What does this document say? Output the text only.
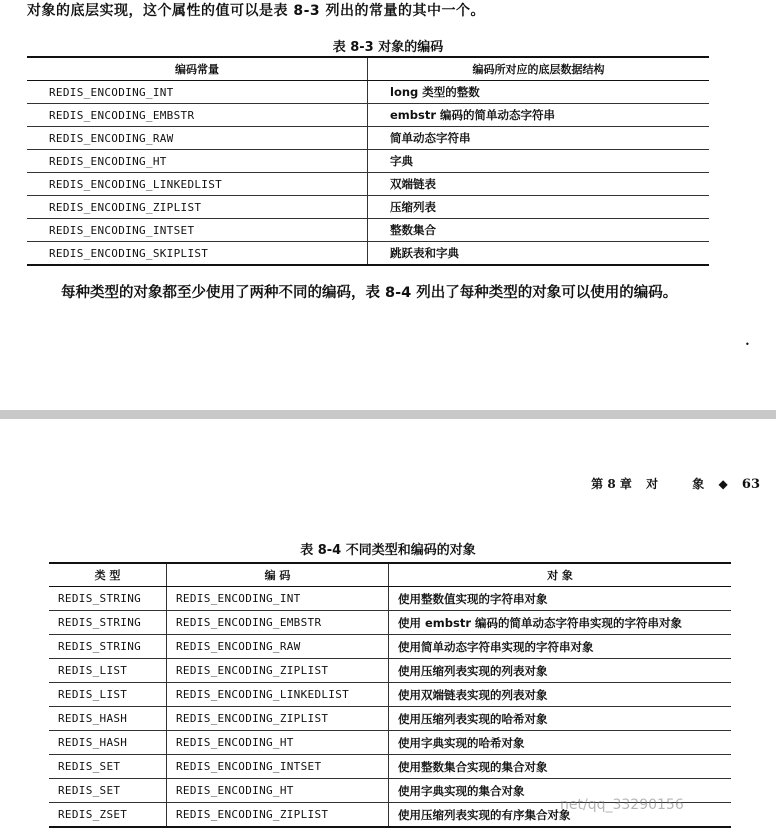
对象的底层实现，这个属性的值可以是表 8-3 列出的常量的其中一个。
表 8-3 对象的编码
编码常量	编码所对应的底层数据结构
REDIS_ENCODING_INT	long 类型的整数
REDIS_ENCODING_EMBSTR	embstr 编码的简单动态字符串
REDIS_ENCODING_RAW	简单动态字符串
REDIS_ENCODING_HT	字典
REDIS_ENCODING_LINKEDLIST	双端链表
REDIS_ENCODING_ZIPLIST	压缩列表
REDIS_ENCODING_INTSET	整数集合
REDIS_ENCODING_SKIPLIST	跳跃表和字典
每种类型的对象都至少使用了两种不同的编码，表 8-4 列出了每种类型的对象可以使用的编码。
•
第 8 章 对	象 ◆ 63
表 8-4 不同类型和编码的对象
类 型	编 码	对 象
REDIS_STRING	REDIS_ENCODING_INT	使用整数值实现的字符串对象
REDIS_STRING	REDIS_ENCODING_EMBSTR	使用 embstr 编码的简单动态字符串实现的字符串对象
REDIS_STRING	REDIS_ENCODING_RAW	使用简单动态字符串实现的字符串对象
REDIS_LIST	REDIS_ENCODING_ZIPLIST	使用压缩列表实现的列表对象
REDIS_LIST	REDIS_ENCODING_LINKEDLIST	使用双端链表实现的列表对象
REDIS_HASH	REDIS_ENCODING_ZIPLIST	使用压缩列表实现的哈希对象
REDIS_HASH	REDIS_ENCODING_HT	使用字典实现的哈希对象
REDIS_SET	REDIS_ENCODING_INTSET	使用整数集合实现的集合对象
REDIS_SET	REDIS_ENCODING_HT	使用字典实现的集合对象
REDIS_ZSET	REDIS_ENCODING_ZIPLIST	使用压缩列表实现的有序集合对象
net/qq_33290156
